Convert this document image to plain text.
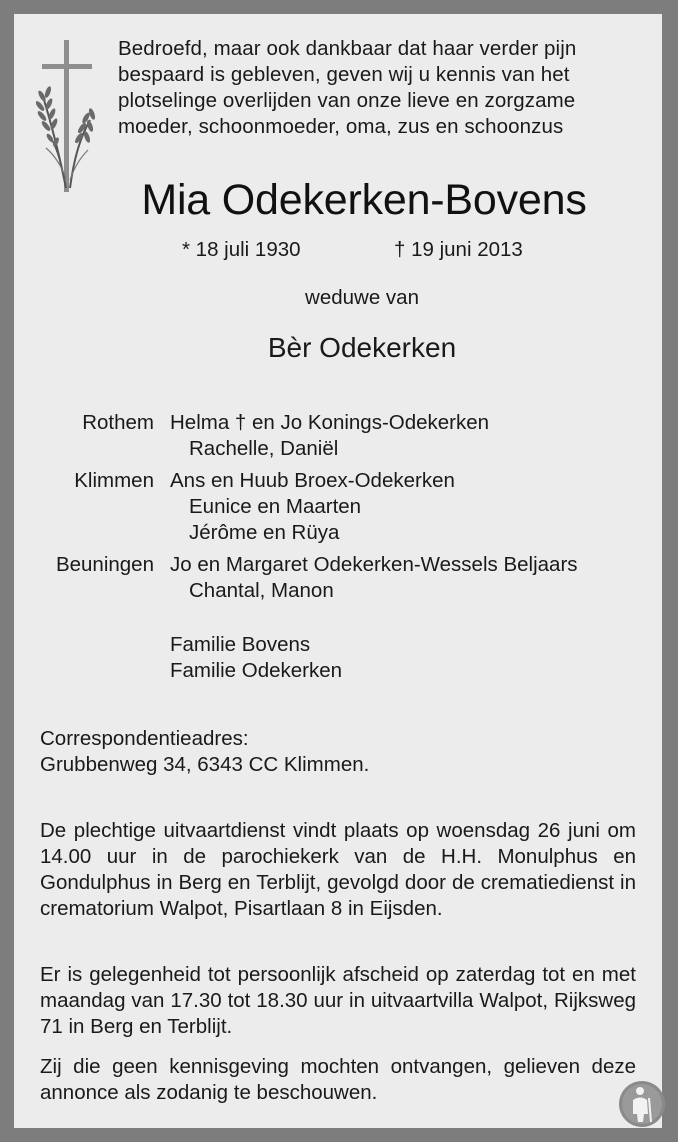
Bedroefd, maar ook dankbaar dat haar verder pijn
bespaard is gebleven, geven wij u kennis van het
plotselinge overlijden van onze lieve en zorgzame
moeder, schoonmoeder, oma, zus en schoonzus
Mia Odekerken-Bovens
* 18 juli 1930	† 19 juni 2013
weduwe van
Bèr Odekerken
Rothem Helma † en Jo Konings-Odekerken
Rachelle, Daniël
Klimmen Ans en Huub Broex-Odekerken
Eunice en Maarten
Jérôme en Rüya
Beuningen Jo en Margaret Odekerken-Wessels Beljaars
Chantal, Manon
Familie Bovens
Familie Odekerken
Correspondentieadres:
Grubbenweg 34, 6343 CC Klimmen.
De plechtige uitvaartdienst vindt plaats op woensdag 26 juni om 14.00 uur in de parochiekerk van de H.H. Monulphus en Gondulphus in Berg en Terblijt, gevolgd door de crematiedienst in crematorium Walpot, Pisartlaan 8 in Eijsden.
Er is gelegenheid tot persoonlijk afscheid op zaterdag tot en met maandag van 17.30 tot 18.30 uur in uitvaartvilla Walpot, Rijksweg 71 in Berg en Terblijt.
Zij die geen kennisgeving mochten ontvangen, gelieven deze annonce als zodanig te beschouwen.
